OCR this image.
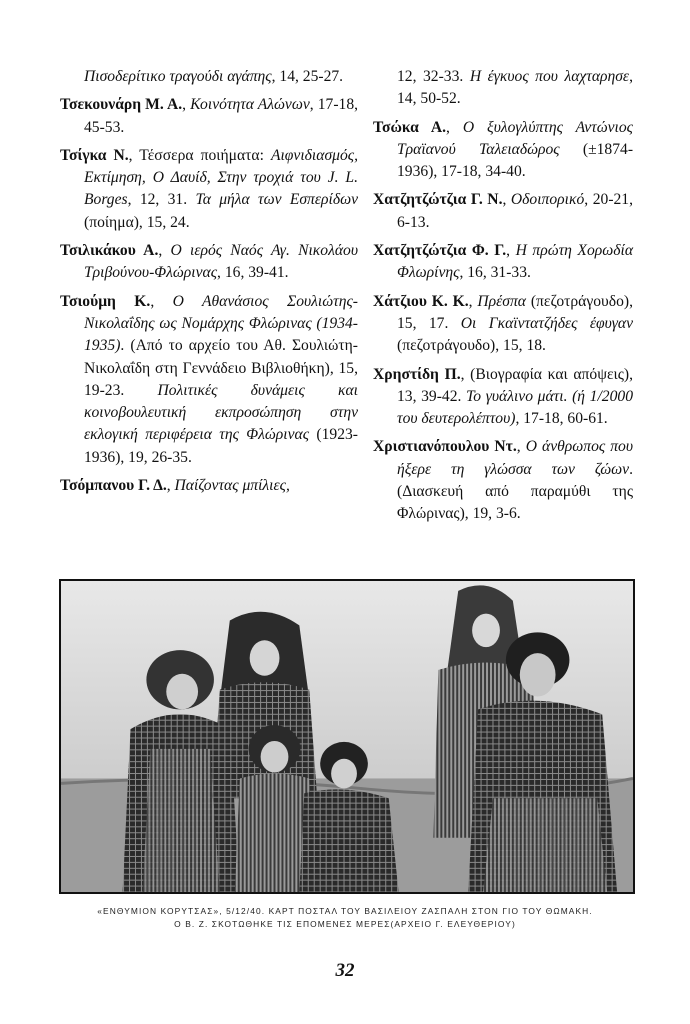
Πισοδερίτικο τραγούδι αγάπης, 14, 25-27.

Τσεκουνάρη Μ. Α., Κοινότητα Αλώνων, 17-18, 45-53.

Τσίγκα Ν., Τέσσερα ποιήματα: Αιφνιδιασμός, Εκτίμηση, Ο Δαυίδ, Στην τροχιά του J. L. Borges, 12, 31. Τα μήλα των Εσπερίδων (ποίημα), 15, 24.

Τσιλικάκου Α., Ο ιερός Ναός Αγ. Νικολάου Τριβούνου-Φλώρινας, 16, 39-41.

Τσιούμη Κ., Ο Αθανάσιος Σουλιώτης-Νικολαΐδης ως Νομάρχης Φλώρινας (1934-1935). (Από το αρχείο του Αθ. Σουλιώτη-Νικολαΐδη στη Γεννάδειο Βιβλιοθήκη), 15, 19-23. Πολιτικές δυνάμεις και κοινοβουλευτική εκπροσώπηση στην εκλογική περιφέρεια της Φλώρινας (1923-1936), 19, 26-35.

Τσόμπανου Γ. Δ., Παίζοντας μπίλιες,

12, 32-33. Η έγκυος που λαχταρησε, 14, 50-52.

Τσώκα Α., Ο ξυλογλύπτης Αντώνιος Τραϊανού Ταλειαδώρος (±1874-1936), 17-18, 34-40.

Χατζητζώτζια Γ. Ν., Οδοιπορικό, 20-21, 6-13.

Χατζητζώτζια Φ. Γ., Η πρώτη Χορωδία Φλωρίνης, 16, 31-33.

Χάτζιου Κ. Κ., Πρέσπα (πεζοτράγουδο), 15, 17. Οι Γκαϊντατζήδες έφυγαν (πεζοτράγουδο), 15, 18.

Χρηστίδη Π., (Βιογραφία και απόψεις), 13, 39-42. Το γυάλινο μάτι. (ή 1/2000 του δευτερολέπτου), 17-18, 60-61.

Χριστιανόπουλου Ντ., Ο άνθρωπος που ήξερε τη γλώσσα των ζώων. (Διασκευή από παραμύθι της Φλώρινας), 19, 3-6.

«ΕΝΘΥΜΙΟΝ ΚΟΡΥΤΣΑΣ», 5/12/40. ΚΑΡΤ ΠΟΣΤΑΛ ΤΟΥ ΒΑΣΙΛΕΙΟΥ ΖΑΣΠΑΛΗ ΣΤΟΝ ΓΙΟ ΤΟΥ ΘΩΜΑΚΗ.
Ο Β. Ζ. ΣΚΟΤΩΘΗΚΕ ΤΙΣ ΕΠΟΜΕΝΕΣ ΜΕΡΕΣ(ΑΡΧΕΙΟ Γ. ΕΛΕΥΘΕΡΙΟΥ)
32
